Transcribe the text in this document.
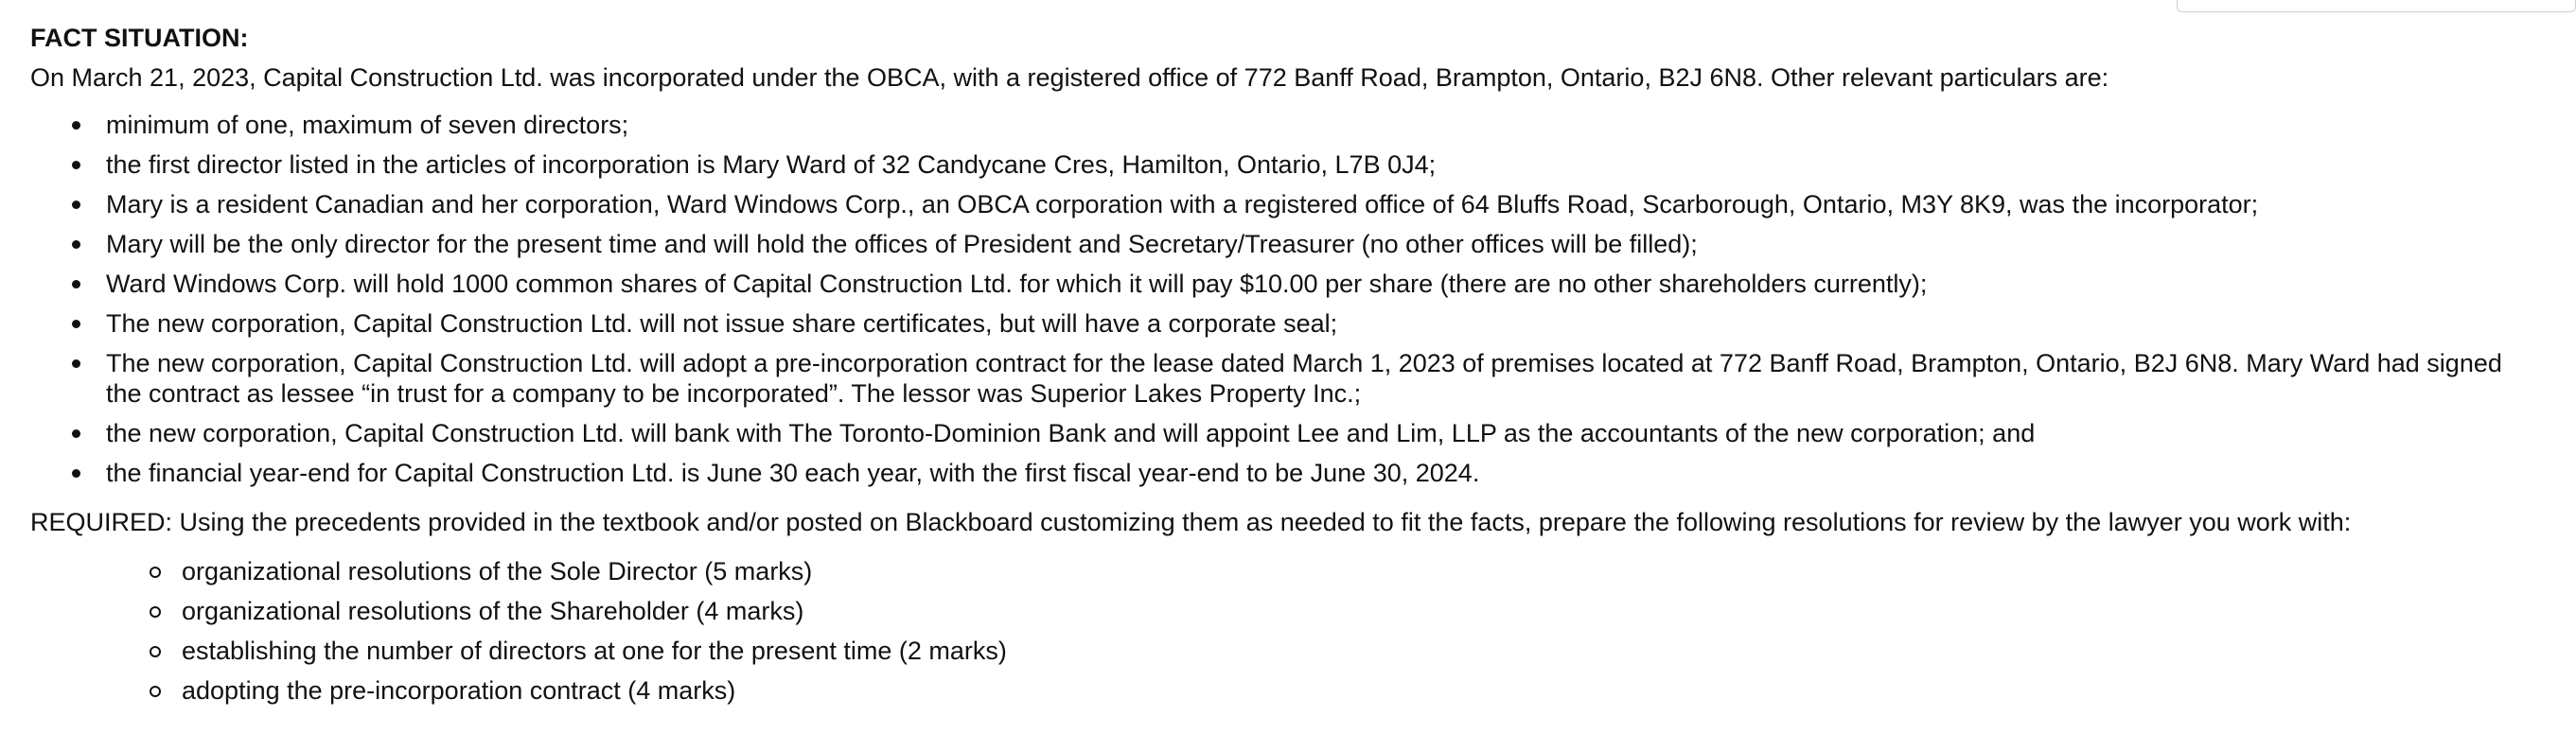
FACT SITUATION:

On March 21, 2023, Capital Construction Ltd. was incorporated under the OBCA, with a registered office of 772 Banff Road, Brampton, Ontario, B2J 6N8. Other relevant particulars are:

minimum of one, maximum of seven directors;
the first director listed in the articles of incorporation is Mary Ward of 32 Candycane Cres, Hamilton, Ontario, L7B 0J4;
Mary is a resident Canadian and her corporation, Ward Windows Corp., an OBCA corporation with a registered office of 64 Bluffs Road, Scarborough, Ontario, M3Y 8K9, was the incorporator;
Mary will be the only director for the present time and will hold the offices of President and Secretary/Treasurer (no other offices will be filled);
Ward Windows Corp. will hold 1000 common shares of Capital Construction Ltd. for which it will pay $10.00 per share (there are no other shareholders currently);
The new corporation, Capital Construction Ltd. will not issue share certificates, but will have a corporate seal;
The new corporation, Capital Construction Ltd. will adopt a pre-incorporation contract for the lease dated March 1, 2023 of premises located at 772 Banff Road, Brampton, Ontario, B2J 6N8. Mary Ward had signed the contract as lessee “in trust for a company to be incorporated”. The lessor was Superior Lakes Property Inc.;
the new corporation, Capital Construction Ltd. will bank with The Toronto-Dominion Bank and will appoint Lee and Lim, LLP as the accountants of the new corporation; and
the financial year-end for Capital Construction Ltd. is June 30 each year, with the first fiscal year-end to be June 30, 2024.

REQUIRED: Using the precedents provided in the textbook and/or posted on Blackboard customizing them as needed to fit the facts, prepare the following resolutions for review by the lawyer you work with:

organizational resolutions of the Sole Director (5 marks)
organizational resolutions of the Shareholder (4 marks)
establishing the number of directors at one for the present time (2 marks)
adopting the pre-incorporation contract (4 marks)
